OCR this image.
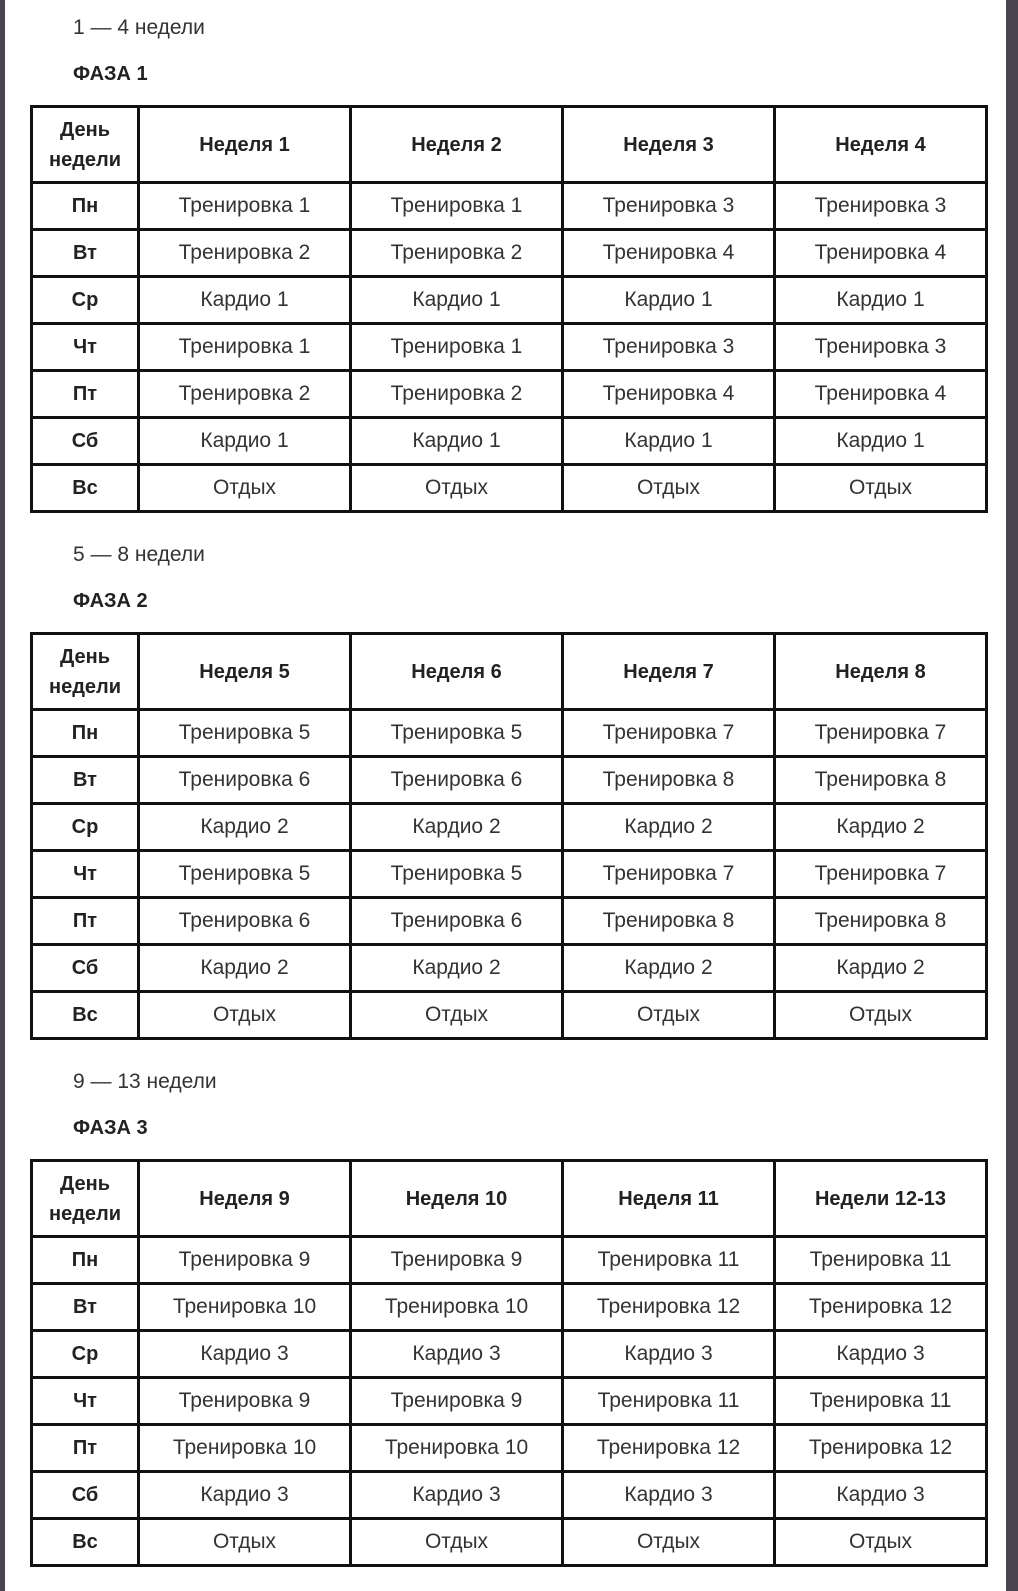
1 — 4 недели
ФАЗА 1
День недели	Неделя 1	Неделя 2	Неделя 3	Неделя 4
Пн	Тренировка 1	Тренировка 1	Тренировка 3	Тренировка 3
Вт	Тренировка 2	Тренировка 2	Тренировка 4	Тренировка 4
Ср	Кардио 1	Кардио 1	Кардио 1	Кардио 1
Чт	Тренировка 1	Тренировка 1	Тренировка 3	Тренировка 3
Пт	Тренировка 2	Тренировка 2	Тренировка 4	Тренировка 4
Сб	Кардио 1	Кардио 1	Кардио 1	Кардио 1
Вс	Отдых	Отдых	Отдых	Отдых
5 — 8 недели
ФАЗА 2
День недели	Неделя 5	Неделя 6	Неделя 7	Неделя 8
Пн	Тренировка 5	Тренировка 5	Тренировка 7	Тренировка 7
Вт	Тренировка 6	Тренировка 6	Тренировка 8	Тренировка 8
Ср	Кардио 2	Кардио 2	Кардио 2	Кардио 2
Чт	Тренировка 5	Тренировка 5	Тренировка 7	Тренировка 7
Пт	Тренировка 6	Тренировка 6	Тренировка 8	Тренировка 8
Сб	Кардио 2	Кардио 2	Кардио 2	Кардио 2
Вс	Отдых	Отдых	Отдых	Отдых
9 — 13 недели
ФАЗА 3
День недели	Неделя 9	Неделя 10	Неделя 11	Недели 12-13
Пн	Тренировка 9	Тренировка 9	Тренировка 11	Тренировка 11
Вт	Тренировка 10	Тренировка 10	Тренировка 12	Тренировка 12
Ср	Кардио 3	Кардио 3	Кардио 3	Кардио 3
Чт	Тренировка 9	Тренировка 9	Тренировка 11	Тренировка 11
Пт	Тренировка 10	Тренировка 10	Тренировка 12	Тренировка 12
Сб	Кардио 3	Кардио 3	Кардио 3	Кардио 3
Вс	Отдых	Отдых	Отдых	Отдых
